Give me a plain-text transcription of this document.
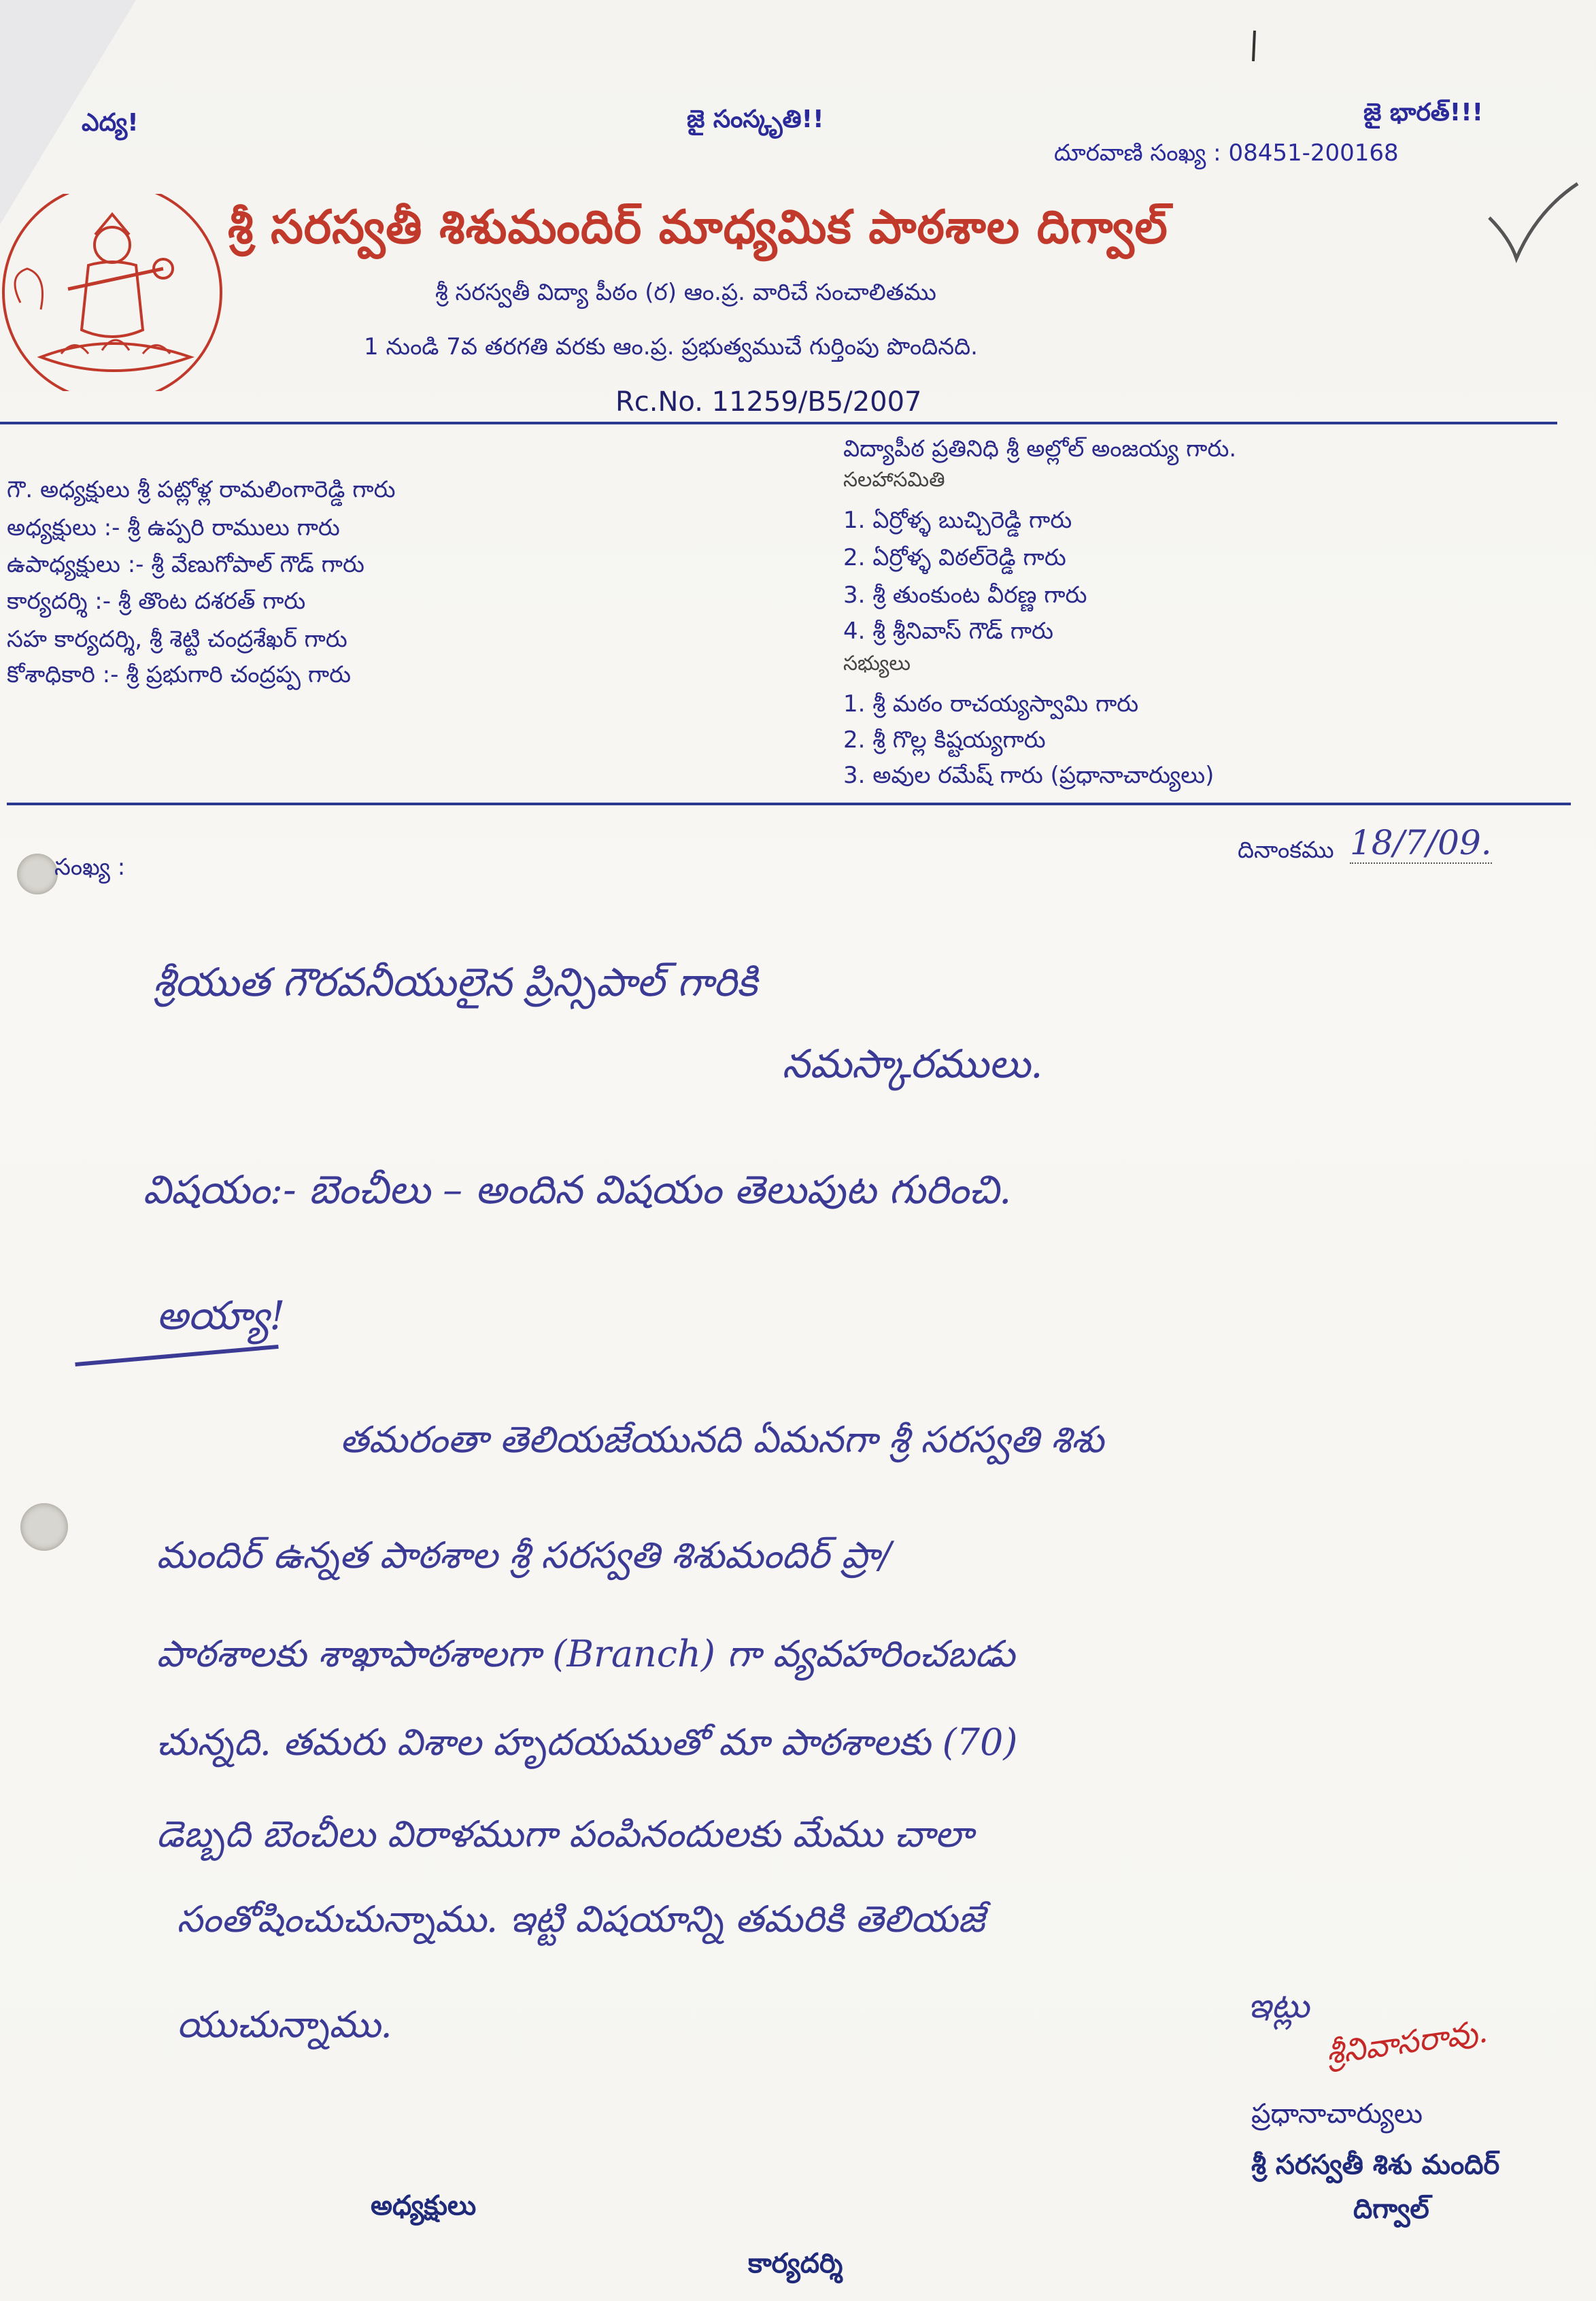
ఎద్య!	జై సంస్కృతి!!	జై భారత్!!!
దూరవాణి సంఖ్య : 08451-200168
శ్రీ సరస్వతీ శిశుమందిర్ మాధ్యమిక పాఠశాల దిగ్వాల్
శ్రీ సరస్వతీ విద్యా పీఠం (ర) ఆం.ప్ర. వారిచే సంచాలితము
1 నుండి 7వ తరగతి వరకు ఆం.ప్ర. ప్రభుత్వముచే గుర్తింపు పొందినది.
Rc.No. 11259/B5/2007
గౌ. అధ్యక్షులు శ్రీ పట్లోళ్ల రామలింగారెడ్డి గారు
అధ్యక్షులు :- శ్రీ ఉప్పరి రాములు గారు
ఉపాధ్యక్షులు :- శ్రీ వేణుగోపాల్ గౌడ్ గారు
కార్యదర్శి :- శ్రీ తొంట దశరత్ గారు
సహ కార్యదర్శి, శ్రీ శెట్టి చంద్రశేఖర్ గారు
కోశాధికారి :- శ్రీ ప్రభుగారి చంద్రప్ప గారు
విద్యాపీఠ ప్రతినిధి శ్రీ అల్లోల్ అంజయ్య గారు.
సలహాసమితి
1. ఏర్రోళ్ళ బుచ్చిరెడ్డి గారు
2. ఏర్రోళ్ళ విఠల్‌రెడ్డి గారు
3. శ్రీ తుంకుంట వీరణ్ణ గారు
4. శ్రీ శ్రీనివాస్ గౌడ్ గారు
సభ్యులు
1. శ్రీ మఠం రాచయ్యస్వామి గారు
2. శ్రీ గొల్ల కిష్టయ్యగారు
3. అవుల రమేష్ గారు (ప్రధానాచార్యులు)
సంఖ్య :
దినాంకము 18/7/09.
శ్రీయుత గౌరవనీయులైన ప్రిన్సిపాల్ గారికి
నమస్కారములు.
విషయం:- బెంచీలు – అందిన విషయం తెలుపుట గురించి.
అయ్యా!
తమరంతా తెలియజేయునది ఏమనగా శ్రీ సరస్వతి శిశు
మందిర్ ఉన్నత పాఠశాల శ్రీ సరస్వతి శిశుమందిర్ ప్రా/
పాఠశాలకు శాఖాపాఠశాలగా (Branch) గా వ్యవహరించబడు
చున్నది. తమరు విశాల హృదయముతో మా పాఠశాలకు (70)
డెబ్బది బెంచీలు విరాళముగా పంపినందులకు మేము చాలా
సంతోషించుచున్నాము. ఇట్టి విషయాన్ని తమరికి తెలియజే
యుచున్నాము.	ఇట్లు
శ్రీనివాసరావు.
ప్రధానాచార్యులు
శ్రీ సరస్వతీ శిశు మందిర్
దిగ్వాల్
అధ్యక్షులు
కార్యదర్శి
